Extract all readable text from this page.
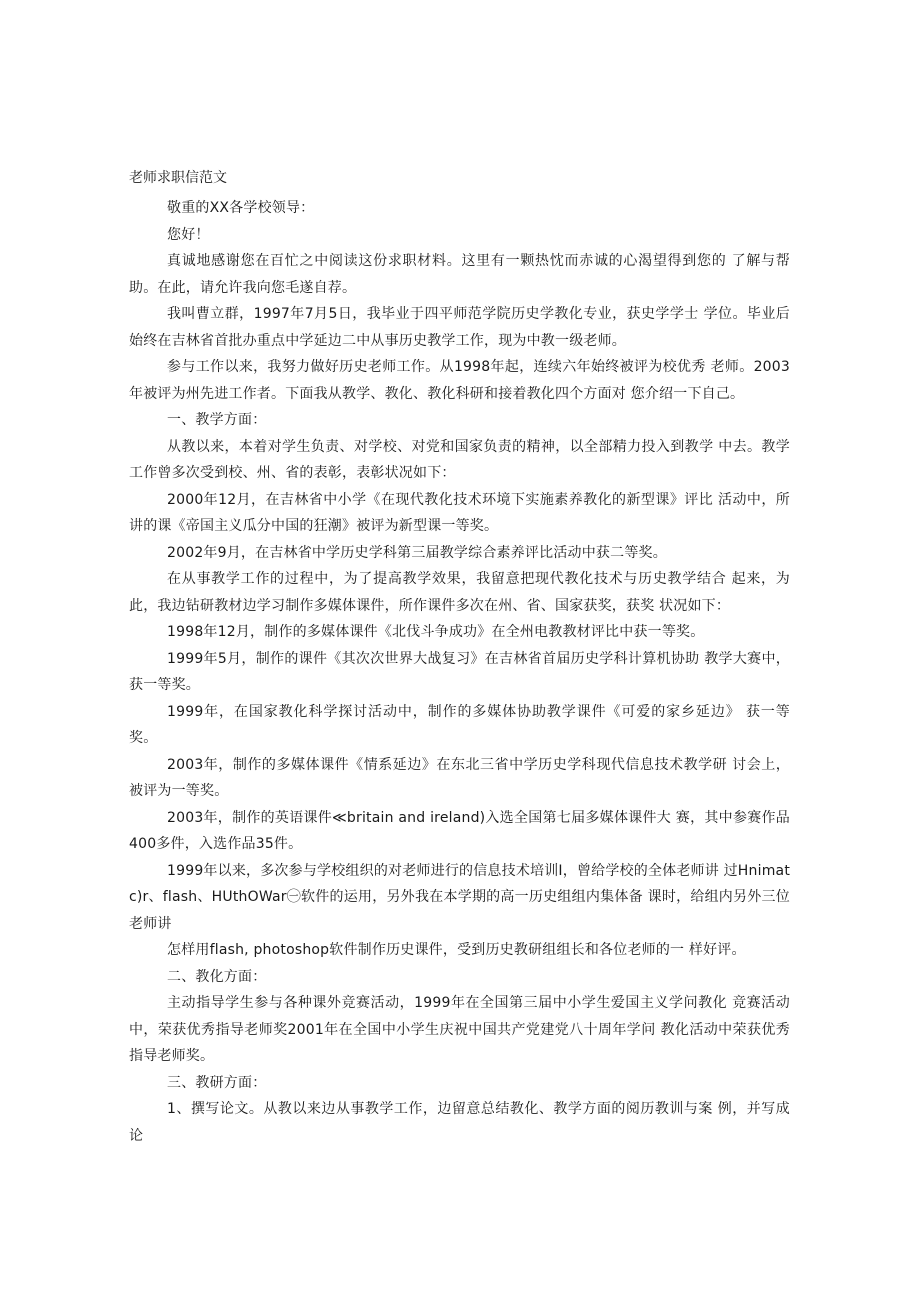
老师求职信范文

敬重的XX各学校领导：

您好！

真诚地感谢您在百忙之中阅读这份求职材料。这里有一颗热忱而赤诚的心渴望得到您的 了解与帮助。在此，请允许我向您毛遂自荐。

我叫曹立群，1997年7月5日，我毕业于四平师范学院历史学教化专业，获史学学士 学位。毕业后始终在吉林省首批办重点中学延边二中从事历史教学工作，现为中教一级老师。

参与工作以来，我努力做好历史老师工作。从1998年起，连续六年始终被评为校优秀 老师。2003年被评为州先进工作者。下面我从教学、教化、教化科研和接着教化四个方面对 您介绍一下自己。

一、教学方面：

从教以来，本着对学生负责、对学校、对党和国家负责的精神，以全部精力投入到教学 中去。教学工作曾多次受到校、州、省的表彰，表彰状况如下：

2000年12月，在吉林省中小学《在现代教化技术环境下实施素养教化的新型课》评比 活动中，所讲的课《帝国主义瓜分中国的狂潮》被评为新型课一等奖。

2002年9月，在吉林省中学历史学科第三届教学综合素养评比活动中获二等奖。

在从事教学工作的过程中，为了提高教学效果，我留意把现代教化技术与历史教学结合 起来，为此，我边钻研教材边学习制作多媒体课件，所作课件多次在州、省、国家获奖，获奖 状况如下：

1998年12月，制作的多媒体课件《北伐斗争成功》在全州电教教材评比中获一等奖。

1999年5月，制作的课件《其次次世界大战复习》在吉林省首届历史学科计算机协助 教学大赛中，获一等奖。

1999年，在国家教化科学探讨活动中，制作的多媒体协助教学课件《可爱的家乡延边》 获一等奖。

2003年，制作的多媒体课件《情系延边》在东北三省中学历史学科现代信息技术教学研 讨会上，被评为一等奖。

2003年，制作的英语课件≪britain and ireland)入选全国第七届多媒体课件大 赛，其中参赛作品400多件，入选作品35件。

1999年以来，多次参与学校组织的对老师进行的信息技术培训I，曾给学校的全体老师讲 过Hnimatc)r、flash、HUthOWar㊀软件的运用，另外我在本学期的高一历史组组内集体备 课时，给组内另外三位老师讲

怎样用flash, photoshop软件制作历史课件，受到历史教研组组长和各位老师的一 样好评。

二、教化方面：

主动指导学生参与各种课外竞赛活动，1999年在全国第三届中小学生爱国主义学问教化 竞赛活动中，荣获优秀指导老师奖2001年在全国中小学生庆祝中国共产党建党八十周年学问 教化活动中荣获优秀指导老师奖。

三、教研方面：

1、撰写论文。从教以来边从事教学工作，边留意总结教化、教学方面的阅历教训与案 例，并写成论
